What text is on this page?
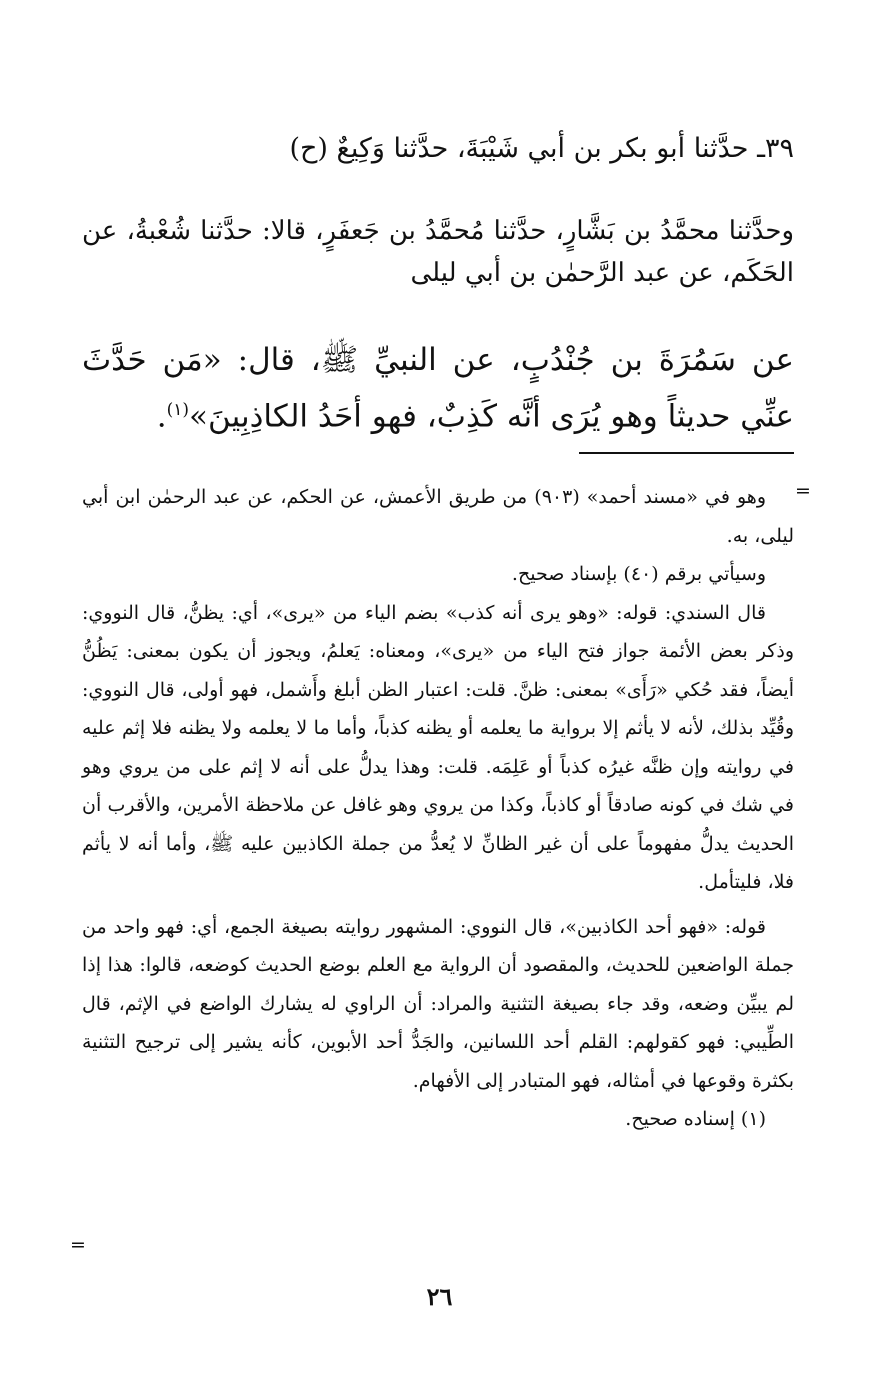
٣٩ـ حدَّثنا أبو بكر بن أبي شَيْبَةَ، حدَّثنا وَكِيعٌ (ح)
وحدَّثنا محمَّدُ بن بَشَّارٍ، حدَّثنا مُحمَّدُ بن جَعفَرٍ، قالا: حدَّثنا شُعْبةُ، عن الحَكَم، عن عبد الرَّحمٰن بن أبي ليلى
عن سَمُرَةَ بن جُنْدُبٍ، عن النبيِّ ﷺ، قال: «مَن حَدَّثَ عنِّي حديثاً وهو يُرَى أنَّه كَذِبٌ، فهو أحَدُ الكاذِبِينَ»$^{(١)}$.

وهو في «مسند أحمد» (٩٠٣) من طريق الأعمش، عن الحكم، عن عبد الرحمٰن ابن أبي ليلى، به.

وسيأتي برقم (٤٠) بإسناد صحيح.

قال السندي: قوله: «وهو يرى أنه كذب» بضم الياء من «يرى»، أي: يظنُّ، قال النووي: وذكر بعض الأئمة جواز فتح الياء من «يرى»، ومعناه: يَعلمُ، ويجوز أن يكون بمعنى: يَظُنُّ أيضاً، فقد حُكي «رَأَى» بمعنى: ظنَّ. قلت: اعتبار الظن أبلغ وأَشمل، فهو أولى، قال النووي: وقُيِّد بذلك، لأنه لا يأثم إلا برواية ما يعلمه أو يظنه كذباً، وأما ما لا يعلمه ولا يظنه فلا إثم عليه في روايته وإن ظنَّه غيرُه كذباً أو عَلِمَه. قلت: وهذا يدلُّ على أنه لا إثم على من يروي وهو في شك في كونه صادقاً أو كاذباً، وكذا من يروي وهو غافل عن ملاحظة الأمرين، والأقرب أن الحديث يدلُّ مفهوماً على أن غير الظانِّ لا يُعدُّ من جملة الكاذبين عليه ﷺ، وأما أنه لا يأثم فلا، فليتأمل.

قوله: «فهو أحد الكاذبين»، قال النووي: المشهور روايته بصيغة الجمع، أي: فهو واحد من جملة الواضعين للحديث، والمقصود أن الرواية مع العلم بوضع الحديث كوضعه، قالوا: هذا إذا لم يبيِّن وضعه، وقد جاء بصيغة التثنية والمراد: أن الراوي له يشارك الواضع في الإثم، قال الطِّيبي: فهو كقولهم: القلم أحد اللسانين، والجَدُّ أحد الأبوين، كأنه يشير إلى ترجيح التثنية بكثرة وقوعها في أمثاله، فهو المتبادر إلى الأفهام.

(١) إسناده صحيح.

=
=
٢٦
